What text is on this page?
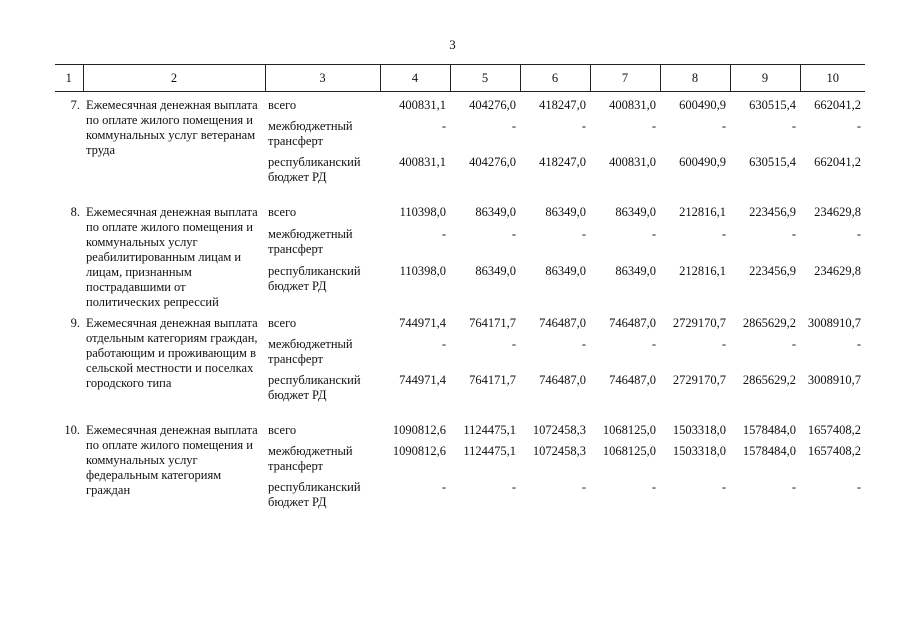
3
1	2	3	4	5	6	7	8	9	10
7.	Ежемесячная денежная выплата по оплате жилого помещения и коммунальных услуг ветеранам труда	всего	400831,1	404276,0	418247,0	400831,0	600490,9	630515,4	662041,2
		межбюджетный трансферт	-	-	-	-	-	-	-
		республиканский бюджет РД	400831,1	404276,0	418247,0	400831,0	600490,9	630515,4	662041,2
8.	Ежемесячная денежная выплата по оплате жилого помещения и коммунальных услуг реабилитированным лицам и лицам, признанным пострадавшими от политических репрессий	всего	110398,0	86349,0	86349,0	86349,0	212816,1	223456,9	234629,8
		межбюджетный трансферт	-	-	-	-	-	-	-
		республиканский бюджет РД	110398,0	86349,0	86349,0	86349,0	212816,1	223456,9	234629,8
9.	Ежемесячная денежная выплата отдельным категориям граждан, работающим и проживающим в сельской местности и поселках городского типа	всего	744971,4	764171,7	746487,0	746487,0	2729170,7	2865629,2	3008910,7
		межбюджетный трансферт	-	-	-	-	-	-	-
		республиканский бюджет РД	744971,4	764171,7	746487,0	746487,0	2729170,7	2865629,2	3008910,7
10.	Ежемесячная денежная выплата по оплате жилого помещения и коммунальных услуг федеральным категориям граждан	всего	1090812,6	1124475,1	1072458,3	1068125,0	1503318,0	1578484,0	1657408,2
		межбюджетный трансферт	1090812,6	1124475,1	1072458,3	1068125,0	1503318,0	1578484,0	1657408,2
		республиканский бюджет РД	-	-	-	-	-	-	-
